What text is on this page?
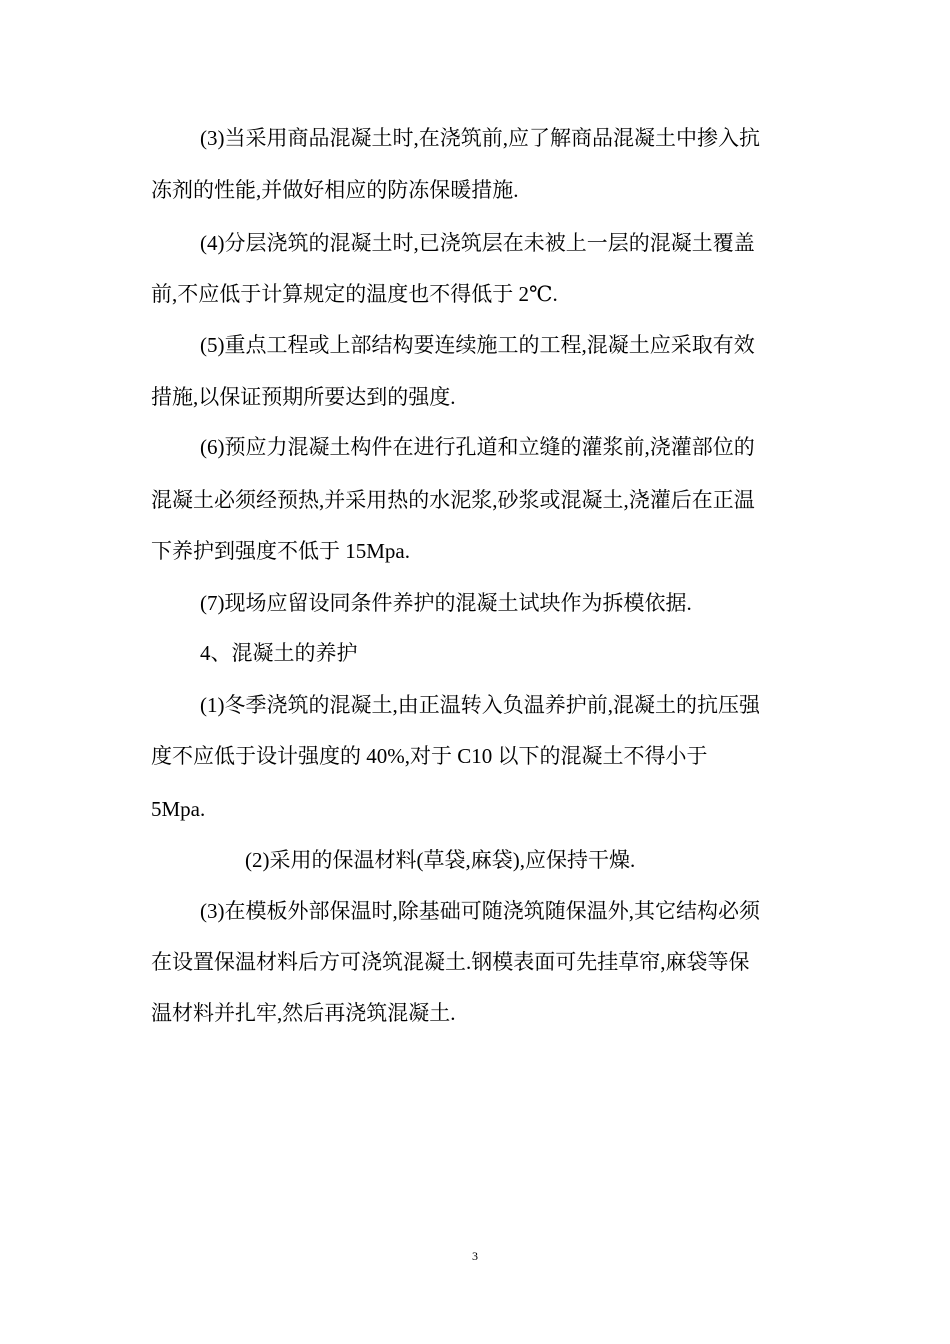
(3)当采用商品混凝土时,在浇筑前,应了解商品混凝土中掺入抗
冻剂的性能,并做好相应的防冻保暖措施.
(4)分层浇筑的混凝土时,已浇筑层在未被上一层的混凝土覆盖
前,不应低于计算规定的温度也不得低于 2℃.
(5)重点工程或上部结构要连续施工的工程,混凝土应采取有效
措施,以保证预期所要达到的强度.
(6)预应力混凝土构件在进行孔道和立缝的灌浆前,浇灌部位的
混凝土必须经预热,并采用热的水泥浆,砂浆或混凝土,浇灌后在正温
下养护到强度不低于 15Mpa.
(7)现场应留设同条件养护的混凝土试块作为拆模依据.
4、混凝土的养护
(1)冬季浇筑的混凝土,由正温转入负温养护前,混凝土的抗压强
度不应低于设计强度的 40%,对于 C10 以下的混凝土不得小于
5Mpa.
(2)采用的保温材料(草袋,麻袋),应保持干燥.
(3)在模板外部保温时,除基础可随浇筑随保温外,其它结构必须
在设置保温材料后方可浇筑混凝土.钢模表面可先挂草帘,麻袋等保
温材料并扎牢,然后再浇筑混凝土.
3
